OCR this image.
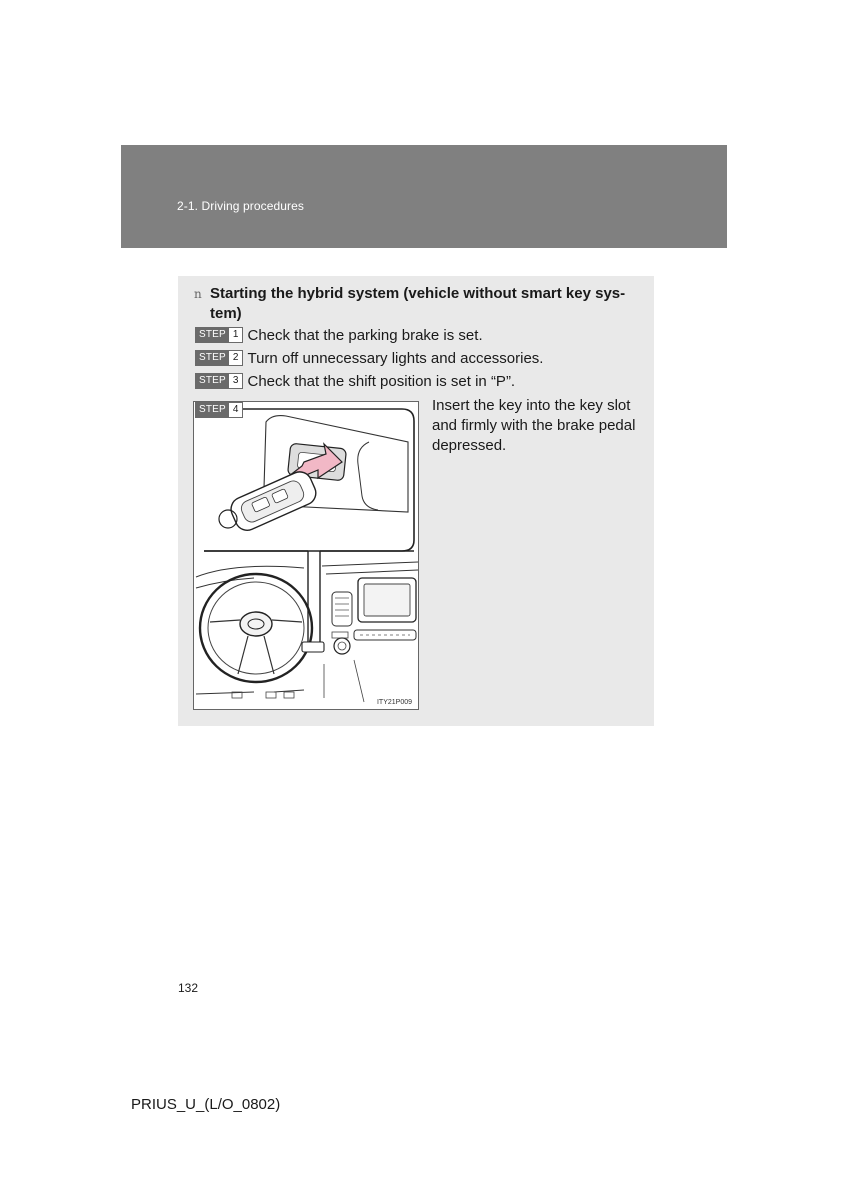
2-1. Driving procedures
n Starting the hybrid system (vehicle without smart key sys-tem)
STEP 1 Check that the parking brake is set.
STEP 2 Turn off unnecessary lights and accessories.
STEP 3 Check that the shift position is set in “P”.
ITY21P009
STEP 4	Insert the key into the key slot and firmly with the brake pedal depressed.
132
PRIUS_U_(L/O_0802)
